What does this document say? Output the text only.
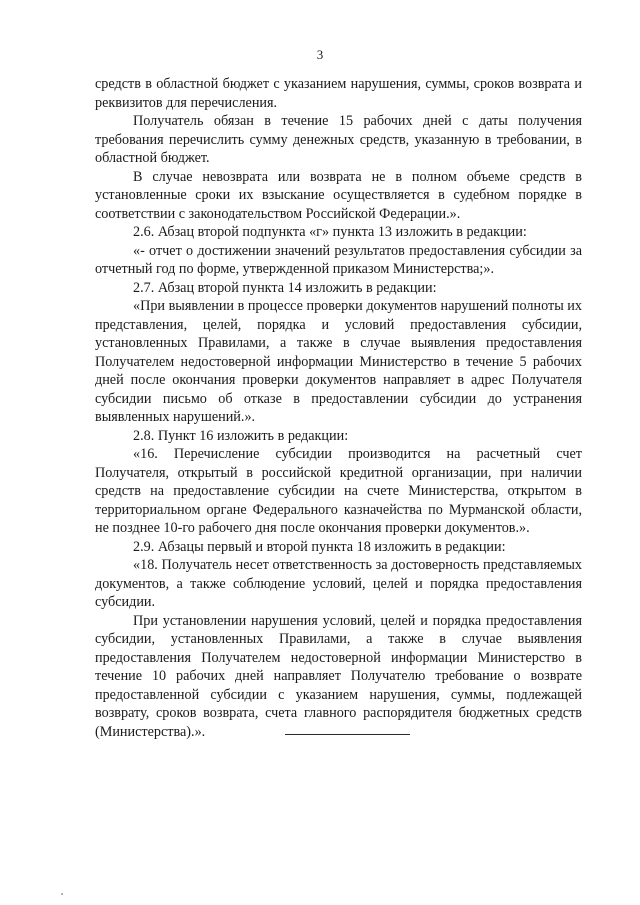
3

средств в областной бюджет с указанием нарушения, суммы, сроков возврата и реквизитов для перечисления.

Получатель обязан в течение 15 рабочих дней с даты получения требования перечислить сумму денежных средств, указанную в требовании, в областной бюджет.

В случае невозврата или возврата не в полном объеме средств в установленные сроки их взыскание осуществляется в судебном порядке в соответствии с законодательством Российской Федерации.».

2.6. Абзац второй подпункта «г» пункта 13 изложить в редакции:

«- отчет о достижении значений результатов предоставления субсидии за отчетный год по форме, утвержденной приказом Министерства;».

2.7. Абзац второй пункта 14 изложить в редакции:

«При выявлении в процессе проверки документов нарушений полноты их представления, целей, порядка и условий предоставления субсидии, установленных Правилами, а также в случае выявления предоставления Получателем недостоверной информации Министерство в течение 5 рабочих дней после окончания проверки документов направляет в адрес Получателя субсидии письмо об отказе в предоставлении субсидии до устранения выявленных нарушений.».

2.8. Пункт 16 изложить в редакции:

«16. Перечисление субсидии производится на расчетный счет Получателя, открытый в российской кредитной организации, при наличии средств на предоставление субсидии на счете Министерства, открытом в территориальном органе Федерального казначейства по Мурманской области, не позднее 10-го рабочего дня после окончания проверки документов.».

2.9. Абзацы первый и второй пункта 18 изложить в редакции:

«18. Получатель несет ответственность за достоверность представляемых документов, а также соблюдение условий, целей и порядка предоставления субсидии.

При установлении нарушения условий, целей и порядка предоставления субсидии, установленных Правилами, а также в случае выявления предоставления Получателем недостоверной информации Министерство в течение 10 рабочих дней направляет Получателю требование о возврате предоставленной субсидии с указанием нарушения, суммы, подлежащей возврату, сроков возврата, счета главного распорядителя бюджетных средств (Министерства).».
